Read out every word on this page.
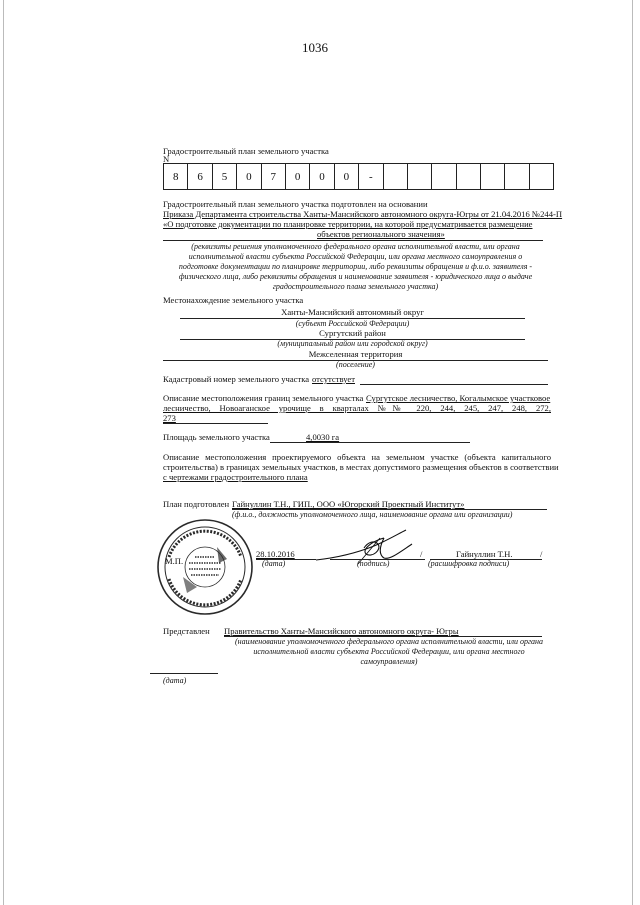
1036
Градостроительный план земельного участка
N
8	6	5	0	7	0	0	0	-							
Градостроительный план земельного участка подготовлен на основании
Приказа Департамента строительства Ханты-Мансийского автономного округа-Югры от 21.04.2016 №244-П
«О подготовке документации по планировке территории, на которой предусматривается размещение
объектов регионального значения»
(реквизиты решения уполномоченного федерального органа исполнительной власти, или органа
исполнительной власти субъекта Российской Федерации, или органа местного самоуправления о
подготовке документации по планировке территории, либо реквизиты обращения и ф.и.о. заявителя -
физического лица, либо реквизиты обращения и наименование заявителя - юридического лица о выдаче
градостроительного плана земельного участка)
Местонахождение земельного участка
Ханты-Мансийский автономный округ
(субъект Российской Федерации)
Сургутский район
(муниципальный район или городской округ)
Межселенная территория
(поселение)
Кадастровый номер земельного участка отсутствует
Описание местоположения границ земельного участка Сургутское лесничество, Когалымское участковое
лесничество, Новоаганское урочище в кварталах №№ 220, 244, 245, 247, 248, 272,
273
Площадь земельного участка	4,0030 га
Описание местоположения проектируемого объекта на земельном участке (объекта капитального
строительства) в границах земельных участков, в местах допустимого размещения объектов в соответствии
с чертежами градостроительного плана
План подготовлен Гайнуллин Т.Н., ГИП., ООО «Югорский Проектный Институт»
(ф.и.о., должность уполномоченного лица, наименование органа или организации)
М.П.
28.10.2016
(дата)
/
(подпись)
Гайнуллин Т.Н.	/
(расшифровка подписи)
Представлен Правительство Ханты-Мансийского автономного округа- Югры
(наименование уполномоченного федерального органа исполнительной власти, или органа
исполнительной власти субъекта Российской Федерации, или органа местного
самоуправления)
(дата)
